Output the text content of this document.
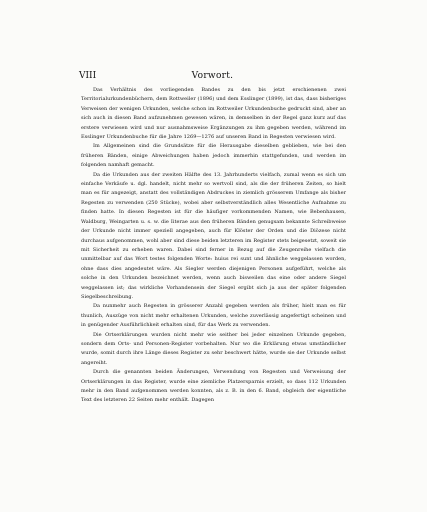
VIII	Vorwort.

Das Verhältnis des vorliegenden Bandes zu den bis jetzt erschienenen zwei Territorialurkundenbüchern, dem Rottweiler (1896) und dem Esslinger (1899), ist das, dass bisheriges Verweisen der wenigen Urkunden, welche schon im Rottweiler Urkundenbuche gedruckt sind, aber an sich auch in diesen Band aufzunehmen gewesen wären, in demselben in der Regel ganz kurz auf das erstere verwiesen wird und nur ausnahmsweise Ergänzungen zu ihm gegeben werden, während im Esslinger Urkundenbuche für die Jahre 1269—1276 auf unseren Band in Regesten verwiesen wird.

Im Allgemeinen sind die Grundsätze für die Herausgabe dieselben geblieben, wie bei den früheren Bänden, einige Abweichungen haben jedoch immerhin stattgefunden, und werden im folgenden namhaft gemacht.

Da die Urkunden aus der zweiten Hälfte des 13. Jahrhunderts vielfach, zumal wenn es sich um einfache Verkäufe u. dgl. handelt, nicht mehr so wertvoll sind, als die der früheren Zeiten, so hielt man es für angezeigt, anstatt des vollständigen Abdruckes in ziemlich grösserem Umfange als bisher Regesten zu verwenden (250 Stücke), wobei aber selbstverständlich alles Wesentliche Aufnahme zu finden hatte. In diesen Regesten ist für die häufiger vorkommenden Namen, wie Bebenhausen, Waldburg, Weingarten u. s. w. die Iiterae aus den früheren Bänden genugsam bekannte Schreibweise der Urkunde nicht immer speziell angegeben, auch für Klöster der Orden und die Diözese nicht durchaus aufgenommen, wohl aber sind diese beiden letzteren im Register stets beigesetzt, soweit sie mit Sicherheit zu erheben waren. Dabei sind ferner in Bezug auf die Zeugenreihe vielfach die unmittelbar auf das Wort testes folgenden Worte: huius rei sunt und ähnliche weggelassen worden, ohne dass dies angedeutet wäre. Als Siegler werden diejenigen Personen aufgeführt, welche als solche in den Urkunden bezeichnet werden, wenn auch bisweilen das eine oder andere Siegel weggelassen ist; das wirkliche Vorhandensein der Siegel ergibt sich ja aus der später folgenden Siegelbeschreibung.

Da nunmehr auch Regesten in grösserer Anzahl gegeben werden als früher, hielt man es für thunlich, Auszüge von nicht mehr erhaltenen Urkunden, welche zuverlässig angefertigt scheinen und in genügender Ausführlichkeit erhalten sind, für das Werk zu verwenden.

Die Ortserklärungen wurden nicht mehr wie seither bei jeder einzelnen Urkunde gegeben, sondern dem Orts- und Personen-Register vorbehalten. Nur wo die Erklärung etwas umständlicher wurde, somit durch ihre Länge dieses Register zu sehr beschwert hätte, wurde sie der Urkunde selbst angereiht.

Durch die genannten beiden Änderungen, Verwendung von Regesten und Verweisung der Ortserklärungen in das Register, wurde eine ziemliche Platzersparnis erzielt, so dass 112 Urkunden mehr in den Band aufgenommen werden konnten, als z. B. in den 6. Band, obgleich der eigentliche Text des letzteren 22 Seiten mehr enthält. Dagegen
